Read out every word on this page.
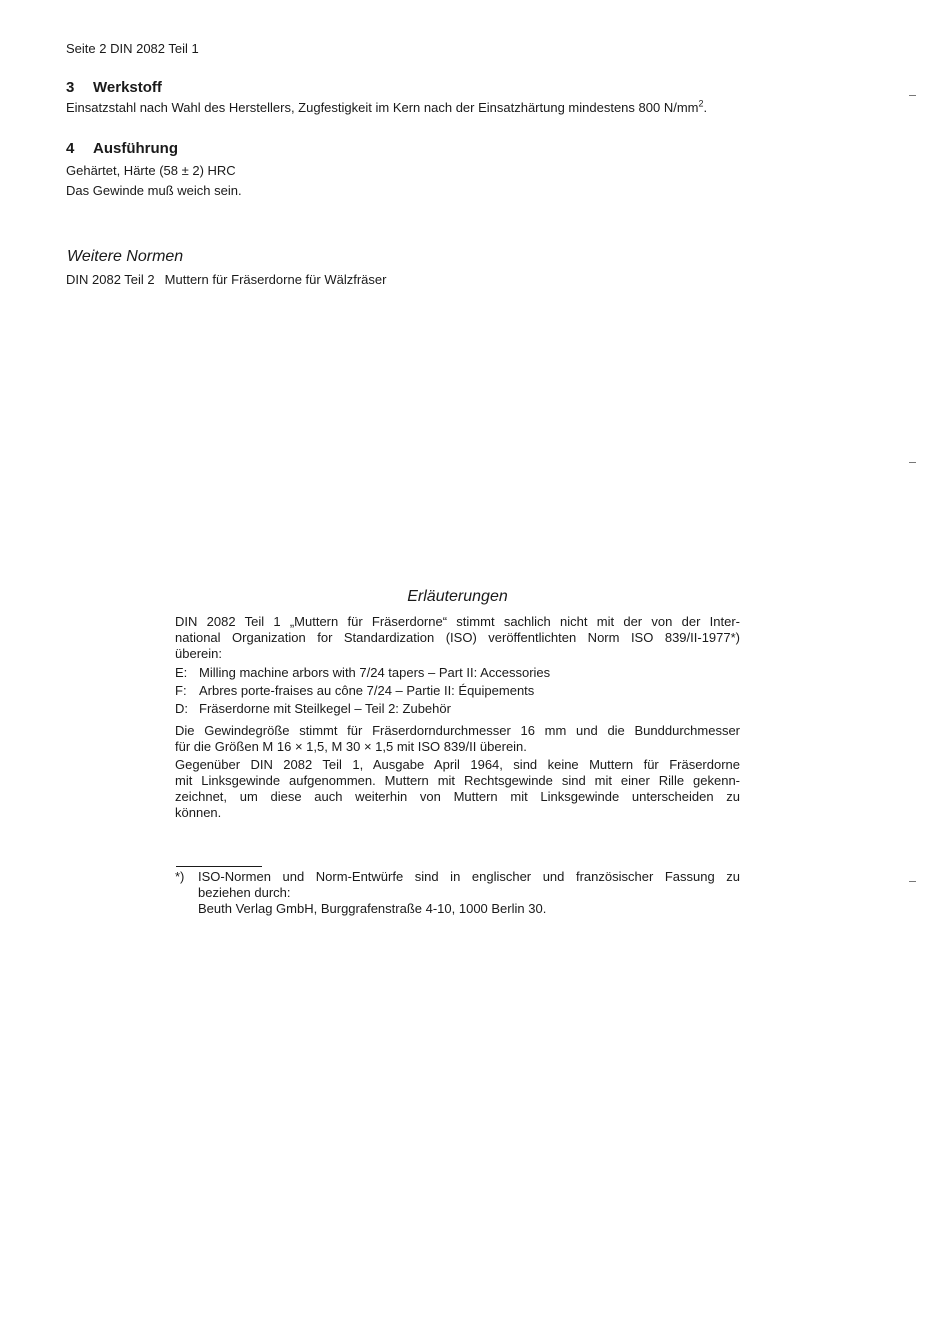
Seite 2 DIN 2082 Teil 1
3 Werkstoff
Einsatzstahl nach Wahl des Herstellers, Zugfestigkeit im Kern nach der Einsatzhärtung mindestens 800 $N/mm^2$.
4 Ausführung
Gehärtet, Härte (58 ± 2) HRC
Das Gewinde muß weich sein.
Weitere Normen
DIN 2082 Teil 2 Muttern für Fräserdorne für Wälzfräser
Erläuterungen
DIN 2082 Teil 1 „Muttern für Fräserdorne“ stimmt sachlich nicht mit der von der Inter-
national Organization for Standardization (ISO) veröffentlichten Norm ISO 839/II-1977*)
überein:
E: Milling machine arbors with 7/24 tapers – Part II: Accessories
F: Arbres porte-fraises au cône 7/24 – Partie II: Équipements
D: Fräserdorne mit Steilkegel – Teil 2: Zubehör
Die Gewindegröße stimmt für Fräserdorndurchmesser 16 mm und die Bunddurchmesser
für die Größen M 16 × 1,5, M 30 × 1,5 mit ISO 839/II überein.
Gegenüber DIN 2082 Teil 1, Ausgabe April 1964, sind keine Muttern für Fräserdorne
mit Linksgewinde aufgenommen. Muttern mit Rechtsgewinde sind mit einer Rille gekenn-
zeichnet, um diese auch weiterhin von Muttern mit Linksgewinde unterscheiden zu
können.
*) ISO-Normen und Norm-Entwürfe sind in englischer und französischer Fassung zu
beziehen durch:
Beuth Verlag GmbH, Burggrafenstraße 4-10, 1000 Berlin 30.
